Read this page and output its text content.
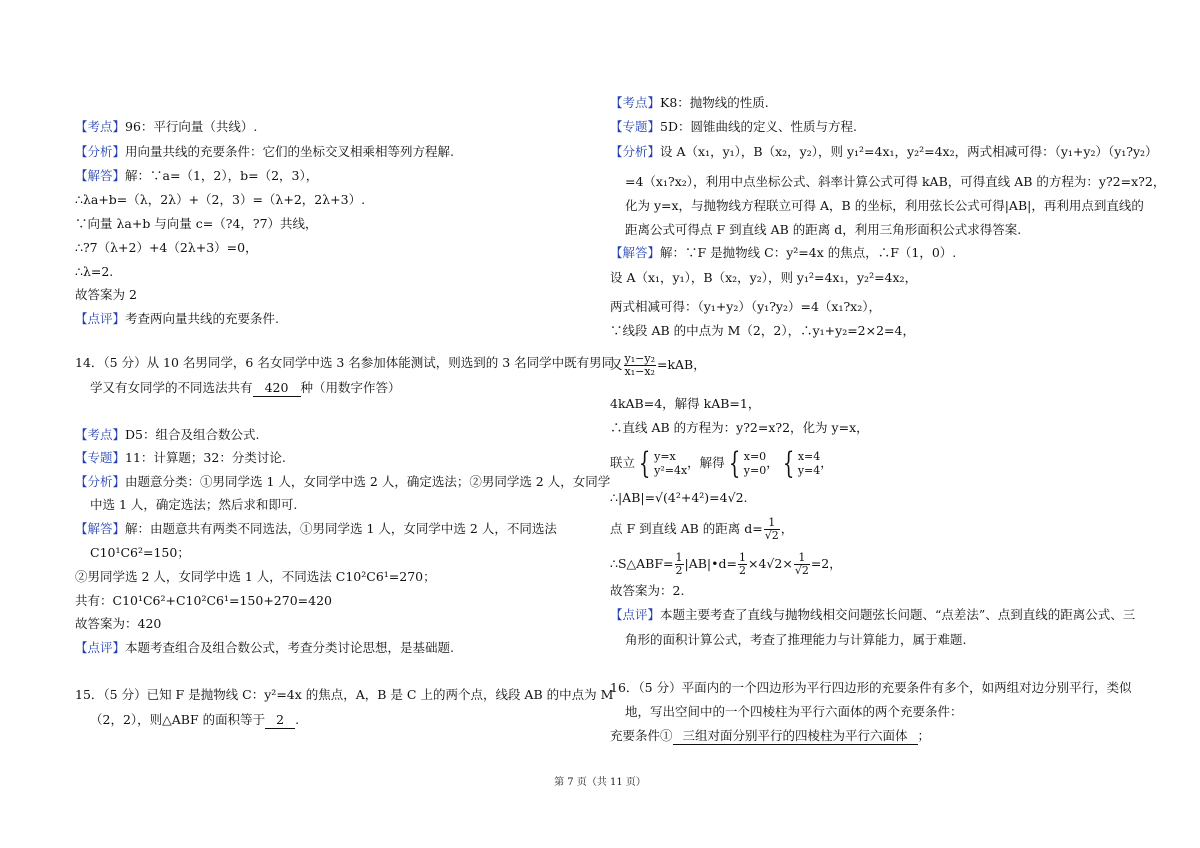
【考点】96：平行向量（共线）.
【分析】用向量共线的充要条件：它们的坐标交叉相乘相等列方程解.
【解答】解：∵a=（1，2），b=（2，3），
∴λa+b=（λ，2λ）+（2，3）=（λ+2，2λ+3）.
∵向量 λa+b 与向量 c=（?4，?7）共线，
∴?7（λ+2）+4（2λ+3）=0，
∴λ=2.
故答案为 2
【点评】考查两向量共线的充要条件.
14．（5 分）从 10 名男同学，6 名女同学中选 3 名参加体能测试，则选到的 3 名同学中既有男同
学又有女同学的不同选法共有 420 种（用数字作答）
【考点】D5：组合及组合数公式.
【专题】11：计算题；32：分类讨论.
【分析】由题意分类：①男同学选 1 人，女同学中选 2 人，确定选法；②男同学选 2 人，女同学
中选 1 人，确定选法；然后求和即可.
【解答】解：由题意共有两类不同选法，①男同学选 1 人，女同学中选 2 人，不同选法
C10¹C6²=150；
②男同学选 2 人，女同学中选 1 人，不同选法 C10²C6¹=270；
共有：C10¹C6²+C10²C6¹=150+270=420
故答案为：420
【点评】本题考查组合及组合数公式，考查分类讨论思想，是基础题.
15．（5 分）已知 F 是抛物线 C：y²=4x 的焦点，A，B 是 C 上的两个点，线段 AB 的中点为 M
（2，2），则△ABF 的面积等于 2 .
【考点】K8：抛物线的性质.
【专题】5D：圆锥曲线的定义、性质与方程.
【分析】设 A（x₁，y₁），B（x₂，y₂），则 y₁²=4x₁，y₂²=4x₂，两式相减可得：（y₁+y₂）（y₁?y₂）
=4（x₁?x₂），利用中点坐标公式、斜率计算公式可得 kAB，可得直线 AB 的方程为：y?2=x?2，
化为 y=x，与抛物线方程联立可得 A，B 的坐标，利用弦长公式可得|AB|，再利用点到直线的
距离公式可得点 F 到直线 AB 的距离 d，利用三角形面积公式求得答案.
【解答】解：∵F 是抛物线 C：y²=4x 的焦点，∴F（1，0）.
设 A（x₁，y₁），B（x₂，y₂），则 y₁²=4x₁，y₂²=4x₂，
两式相减可得：（y₁+y₂）（y₁?y₂）=4（x₁?x₂），
∵线段 AB 的中点为 M（2，2），∴y₁+y₂=2×2=4，
又 $\frac{\text{y₁−y₂}}{\text{x₁−x₂}} =kAB$，
4kAB=4，解得 kAB=1，
∴直线 AB 的方程为：y?2=x?2，化为 y=x，
联立 { y=x
y²=4x ，解得 { x=0
y=0 ， { x=4
y=4 ，
∴|AB|=√(4²+4²)=4√2.
点 F 到直线 AB 的距离 $d= \frac{1}{√2}$ ，
∴S△ABF= $\frac{1}{2}$ |AB|•d= $\frac{1}{2} \times 4√2\times \frac{1}{√2} =2$，
故答案为：2.
【点评】本题主要考查了直线与抛物线相交问题弦长问题、“点差法”、点到直线的距离公式、三
角形的面积计算公式，考查了推理能力与计算能力，属于难题.
16．（5 分）平面内的一个四边形为平行四边形的充要条件有多个，如两组对边分别平行，类似
地，写出空间中的一个四棱柱为平行六面体的两个充要条件：
充要条件① 三组对面分别平行的四棱柱为平行六面体 ；
第 7 页（共 11 页）
